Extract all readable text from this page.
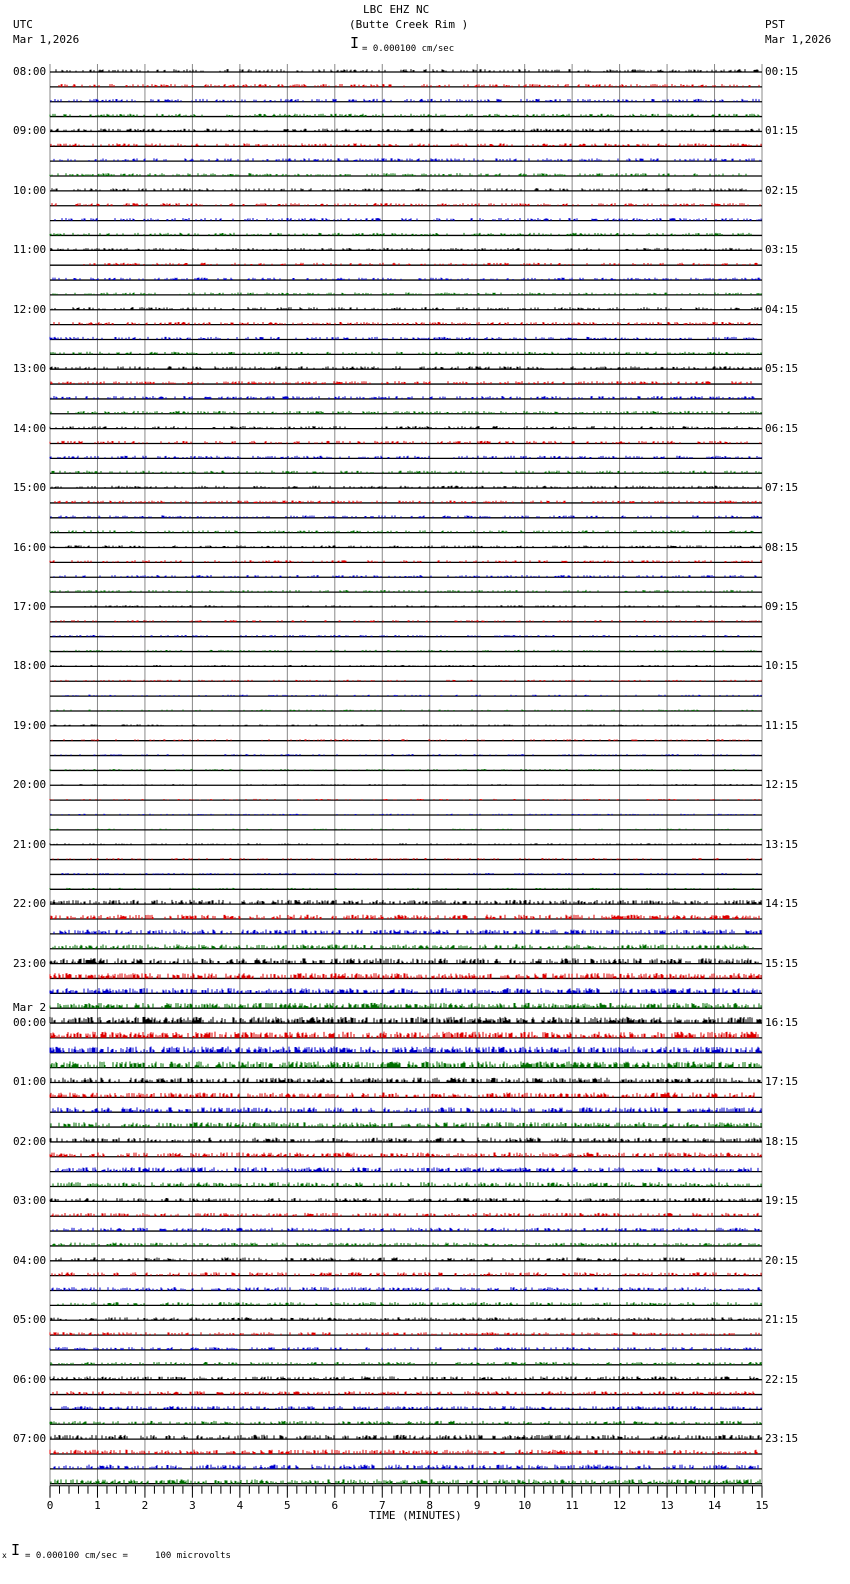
LBC EHZ NC
(Butte Creek Rim )
I = 0.000100 cm/sec
UTC
Mar 1,2026
PST
Mar 1,2026
08:00	00:15
09:00	01:15
10:00	02:15
11:00	03:15
12:00	04:15
13:00	05:15
14:00	06:15
15:00	07:15
16:00	08:15
17:00	09:15
18:00	10:15
19:00	11:15
20:00	12:15
21:00	13:15
22:00	14:15
23:00	15:15
00:00	16:15
01:00	17:15
02:00	18:15
03:00	19:15
04:00	20:15
05:00	21:15
06:00	22:15
07:00	23:15
Mar 2
0	1	2	3	4	5	6	7	8	9	10	11	12	13	14	15
TIME (MINUTES)
x I = 0.000100 cm/sec =     100 microvolts
